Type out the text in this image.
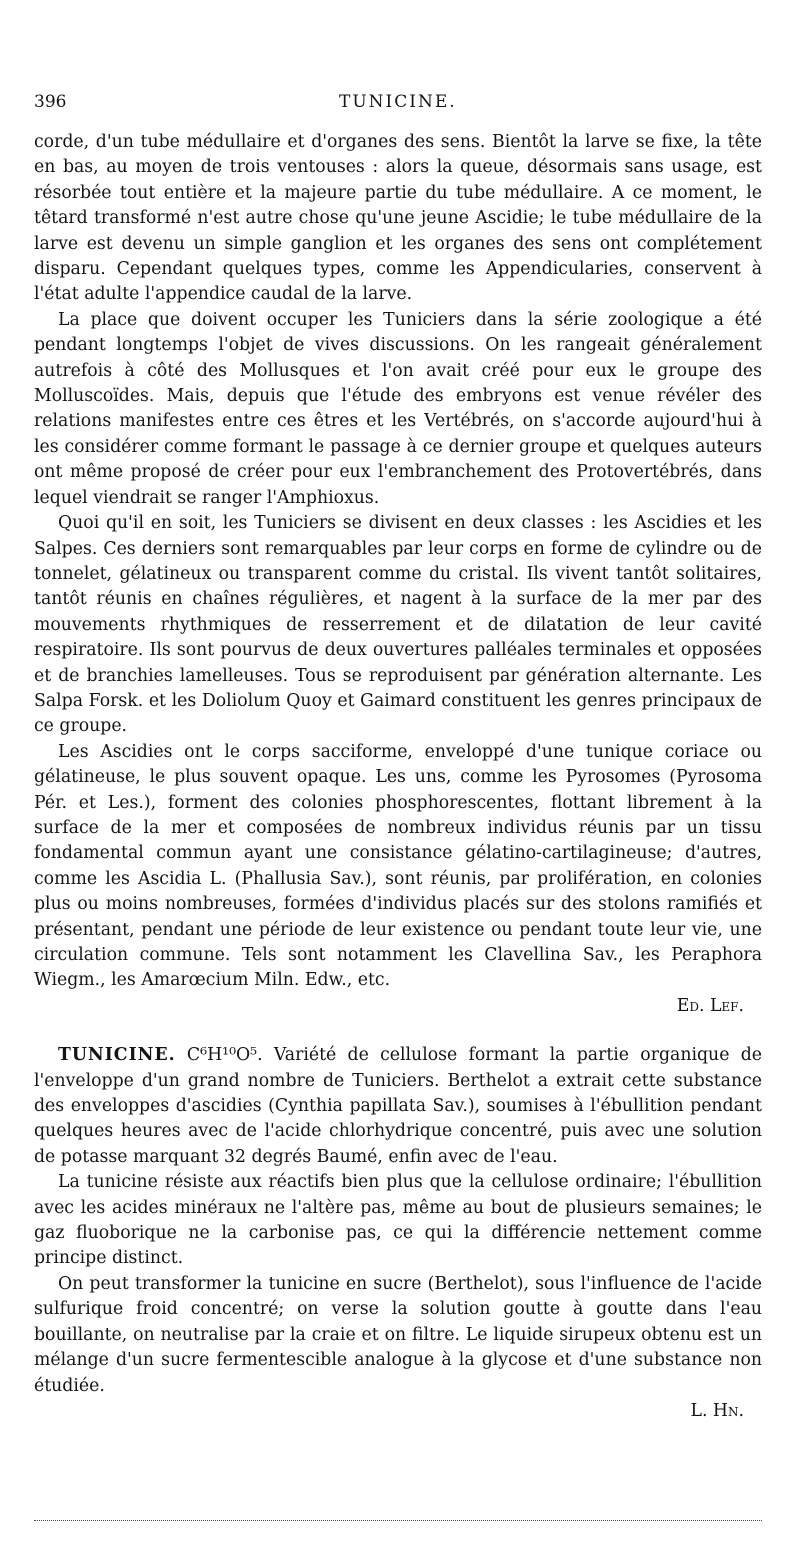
396	TUNICINE.

corde, d'un tube médullaire et d'organes des sens. Bientôt la larve se fixe, la tête en bas, au moyen de trois ventouses : alors la queue, désormais sans usage, est résorbée tout entière et la majeure partie du tube médullaire. A ce moment, le têtard transformé n'est autre chose qu'une jeune Ascidie; le tube médullaire de la larve est devenu un simple ganglion et les organes des sens ont complétement disparu. Cependant quelques types, comme les Appendicularies, conservent à l'état adulte l'appendice caudal de la larve.

La place que doivent occuper les Tuniciers dans la série zoologique a été pendant longtemps l'objet de vives discussions. On les rangeait généralement autrefois à côté des Mollusques et l'on avait créé pour eux le groupe des Molluscoïdes. Mais, depuis que l'étude des embryons est venue révéler des relations manifestes entre ces êtres et les Vertébrés, on s'accorde aujourd'hui à les considérer comme formant le passage à ce dernier groupe et quelques auteurs ont même proposé de créer pour eux l'embranchement des Protovertébrés, dans lequel viendrait se ranger l'Amphioxus.

Quoi qu'il en soit, les Tuniciers se divisent en deux classes : les Ascidies et les Salpes. Ces derniers sont remarquables par leur corps en forme de cylindre ou de tonnelet, gélatineux ou transparent comme du cristal. Ils vivent tantôt solitaires, tantôt réunis en chaînes régulières, et nagent à la surface de la mer par des mouvements rhythmiques de resserrement et de dilatation de leur cavité respiratoire. Ils sont pourvus de deux ouvertures palléales terminales et opposées et de branchies lamelleuses. Tous se reproduisent par génération alternante. Les Salpa Forsk. et les Doliolum Quoy et Gaimard constituent les genres principaux de ce groupe.

Les Ascidies ont le corps sacciforme, enveloppé d'une tunique coriace ou gélatineuse, le plus souvent opaque. Les uns, comme les Pyrosomes (Pyrosoma Pér. et Les.), forment des colonies phosphorescentes, flottant librement à la surface de la mer et composées de nombreux individus réunis par un tissu fondamental commun ayant une consistance gélatino-cartilagineuse; d'autres, comme les Ascidia L. (Phallusia Sav.), sont réunis, par prolifération, en colonies plus ou moins nombreuses, formées d'individus placés sur des stolons ramifiés et présentant, pendant une période de leur existence ou pendant toute leur vie, une circulation commune. Tels sont notamment les Clavellina Sav., les Peraphora Wiegm., les Amarœcium Miln. Edw., etc.

Ed. Lef.

TUNICINE. C⁶H¹⁰O⁵. Variété de cellulose formant la partie organique de l'enveloppe d'un grand nombre de Tuniciers. Berthelot a extrait cette substance des enveloppes d'ascidies (Cynthia papillata Sav.), soumises à l'ébullition pendant quelques heures avec de l'acide chlorhydrique concentré, puis avec une solution de potasse marquant 32 degrés Baumé, enfin avec de l'eau.

La tunicine résiste aux réactifs bien plus que la cellulose ordinaire; l'ébullition avec les acides minéraux ne l'altère pas, même au bout de plusieurs semaines; le gaz fluoborique ne la carbonise pas, ce qui la différencie nettement comme principe distinct.

On peut transformer la tunicine en sucre (Berthelot), sous l'influence de l'acide sulfurique froid concentré; on verse la solution goutte à goutte dans l'eau bouillante, on neutralise par la craie et on filtre. Le liquide sirupeux obtenu est un mélange d'un sucre fermentescible analogue à la glycose et d'une substance non étudiée.

L. Hn.
